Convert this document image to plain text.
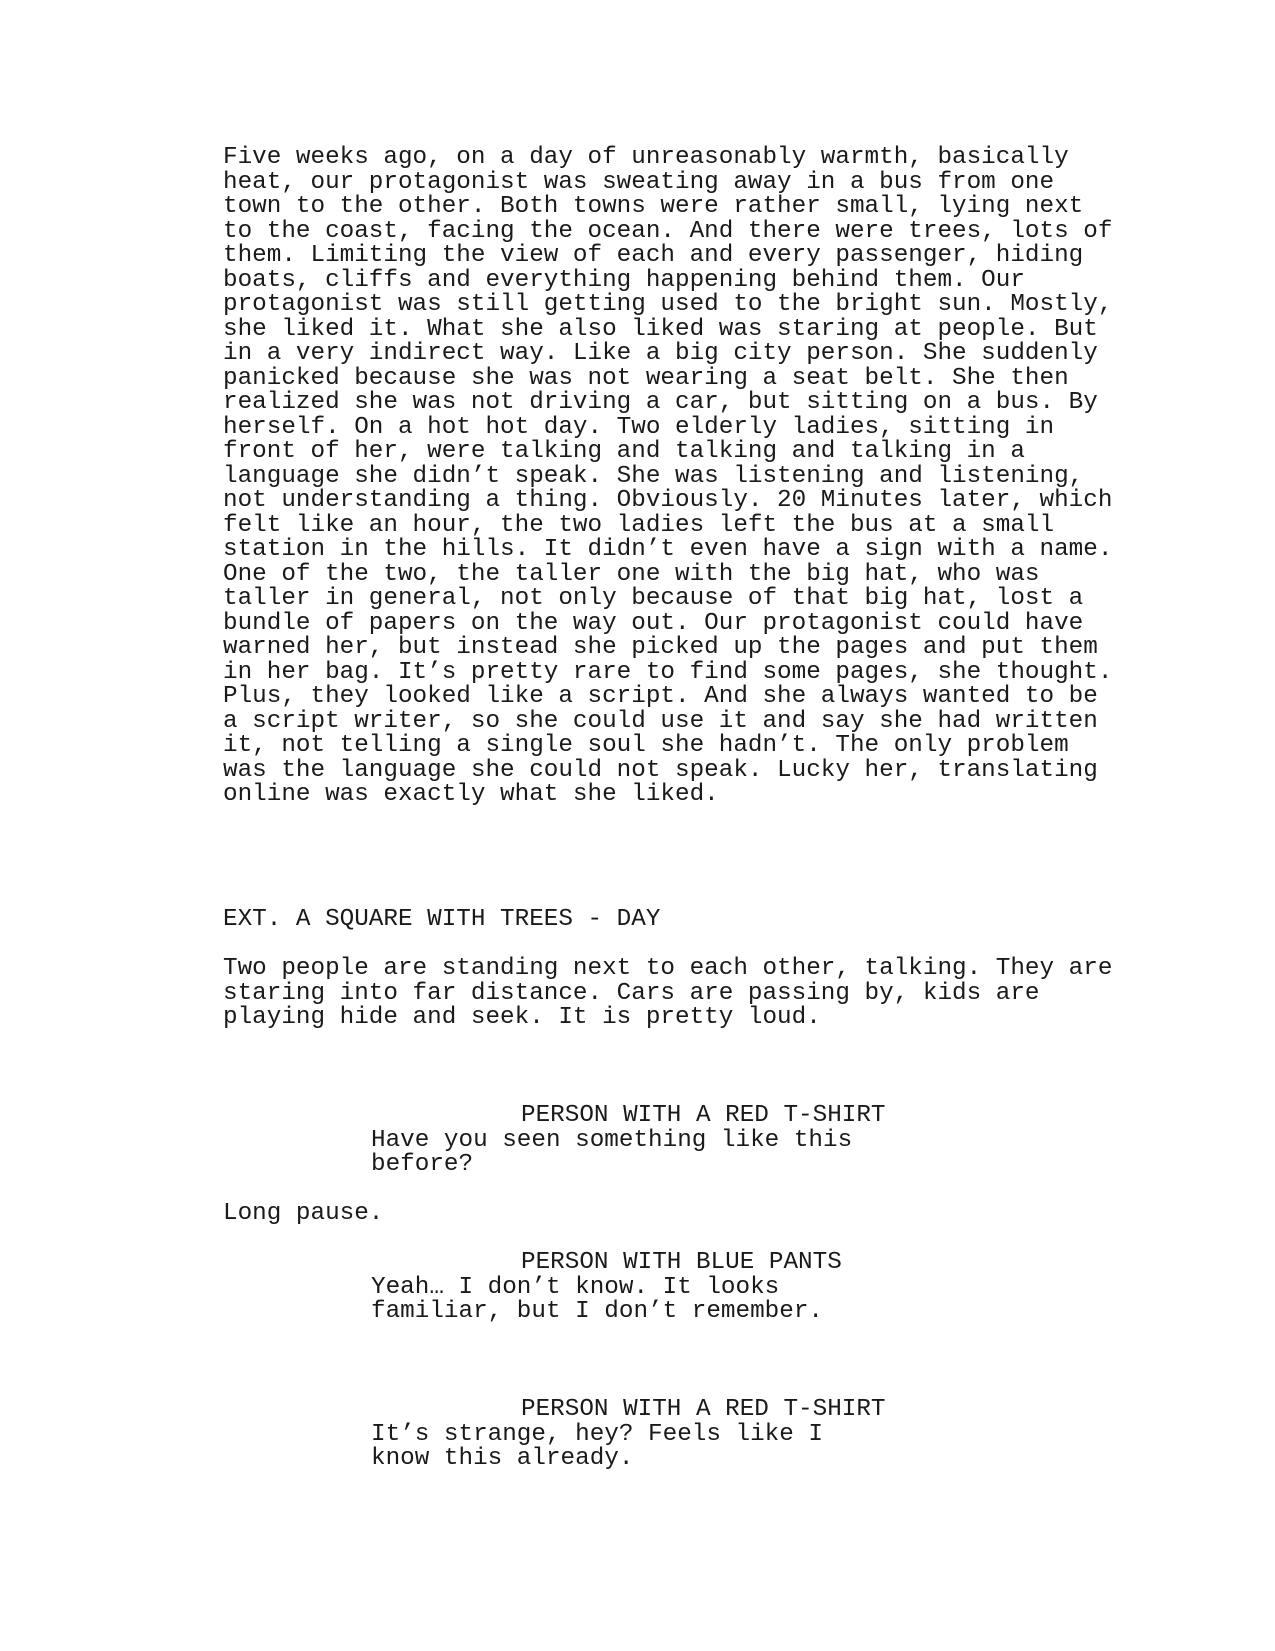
Five weeks ago, on a day of unreasonably warmth, basically

heat, our protagonist was sweating away in a bus from one

town to the other. Both towns were rather small, lying next

to the coast, facing the ocean. And there were trees, lots of

them. Limiting the view of each and every passenger, hiding

boats, cliffs and everything happening behind them. Our

protagonist was still getting used to the bright sun. Mostly,

she liked it. What she also liked was staring at people. But

in a very indirect way. Like a big city person. She suddenly

panicked because she was not wearing a seat belt. She then

realized she was not driving a car, but sitting on a bus. By

herself. On a hot hot day. Two elderly ladies, sitting in

front of her, were talking and talking and talking in a

language she didn’t speak. She was listening and listening,

not understanding a thing. Obviously. 20 Minutes later, which

felt like an hour, the two ladies left the bus at a small

station in the hills. It didn’t even have a sign with a name.

One of the two, the taller one with the big hat, who was

taller in general, not only because of that big hat, lost a

bundle of papers on the way out. Our protagonist could have

warned her, but instead she picked up the pages and put them

in her bag. It’s pretty rare to find some pages, she thought.

Plus, they looked like a script. And she always wanted to be

a script writer, so she could use it and say she had written

it, not telling a single soul she hadn’t. The only problem

was the language she could not speak. Lucky her, translating

online was exactly what she liked.

EXT. A SQUARE WITH TREES - DAY

Two people are standing next to each other, talking. They are

staring into far distance. Cars are passing by, kids are

playing hide and seek. It is pretty loud.

PERSON WITH A RED T-SHIRT

Have you seen something like this

before?

Long pause.

PERSON WITH BLUE PANTS

Yeah… I don’t know. It looks

familiar, but I don’t remember.

PERSON WITH A RED T-SHIRT

It’s strange, hey? Feels like I

know this already.
